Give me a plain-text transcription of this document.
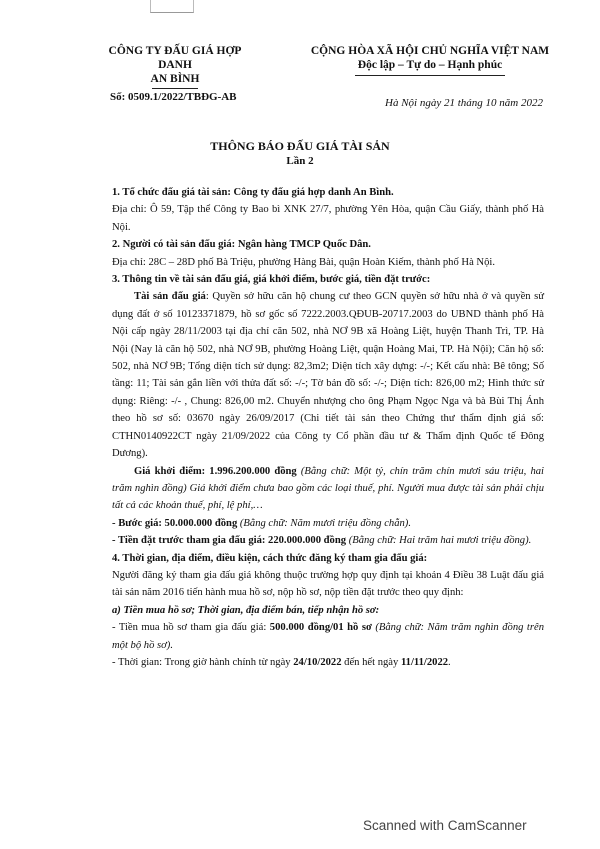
CÔNG TY ĐẤU GIÁ HỢP DANH
AN BÌNH
CỘNG HÒA XÃ HỘI CHỦ NGHĨA VIỆT NAM
Độc lập – Tự do – Hạnh phúc
Số: 0509.1/2022/TBĐG-AB	Hà Nội ngày 21 tháng 10 năm 2022
THÔNG BÁO ĐẤU GIÁ TÀI SẢN
Lần 2

1. Tổ chức đấu giá tài sản: Công ty đấu giá hợp danh An Bình.

Địa chỉ: Ô 59, Tập thể Công ty Bao bì XNK 27/7, phường Yên Hòa, quận Cầu Giấy, thành phố Hà Nội.

2. Người có tài sản đấu giá: Ngân hàng TMCP Quốc Dân.

Địa chỉ: 28C – 28D phố Bà Triệu, phường Hàng Bài, quận Hoàn Kiếm, thành phố Hà Nội.

3. Thông tin về tài sản đấu giá, giá khởi điểm, bước giá, tiền đặt trước:

Tài sản đấu giá: Quyền sở hữu căn hộ chung cư theo GCN quyền sở hữu nhà ở và quyền sử dụng đất ở số 10123371879, hồ sơ gốc số 7222.2003.QĐUB-20717.2003 do UBND thành phố Hà Nội cấp ngày 28/11/2003 tại địa chỉ căn 502, nhà NƠ 9B xã Hoàng Liệt, huyện Thanh Trì, TP. Hà Nội (Nay là căn hộ 502, nhà NƠ 9B, phường Hoàng Liệt, quận Hoàng Mai, TP. Hà Nội); Căn hộ số: 502, nhà NƠ 9B; Tổng diện tích sử dụng: 82,3m2; Diện tích xây dựng: -/-; Kết cấu nhà: Bê tông; Số tầng: 11; Tài sản gắn liền với thửa đất số: -/-; Tờ bản đồ số: -/-; Diện tích: 826,00 m2; Hình thức sử dụng: Riêng: -/- , Chung: 826,00 m2. Chuyển nhượng cho ông Phạm Ngọc Nga và bà Bùi Thị Ánh theo hồ sơ số: 03670 ngày 26/09/2017 (Chi tiết tài sản theo Chứng thư thẩm định giá số: CTHN0140922CT ngày 21/09/2022 của Công ty Cổ phần đầu tư & Thẩm định Quốc tế Đông Dương).

Giá khởi điểm: 1.996.200.000 đồng (Bằng chữ: Một tỷ, chín trăm chín mươi sáu triệu, hai trăm nghìn đồng) Giá khởi điểm chưa bao gồm các loại thuế, phí. Người mua được tài sản phải chịu tất cả các khoản thuế, phí, lệ phí,…

- Bước giá: 50.000.000 đồng (Bằng chữ: Năm mươi triệu đồng chẵn).

- Tiền đặt trước tham gia đấu giá: 220.000.000 đồng (Bằng chữ: Hai trăm hai mươi triệu đồng).

4. Thời gian, địa điểm, điều kiện, cách thức đăng ký tham gia đấu giá:

Người đăng ký tham gia đấu giá không thuộc trường hợp quy định tại khoản 4 Điều 38 Luật đấu giá tài sản năm 2016 tiến hành mua hồ sơ, nộp hồ sơ, nộp tiền đặt trước theo quy định:

a) Tiền mua hồ sơ; Thời gian, địa điểm bán, tiếp nhận hồ sơ:

- Tiền mua hồ sơ tham gia đấu giá: 500.000 đồng/01 hồ sơ (Bằng chữ: Năm trăm nghìn đồng trên một bộ hồ sơ).

- Thời gian: Trong giờ hành chính từ ngày 24/10/2022 đến hết ngày 11/11/2022.

Scanned with CamScanner
